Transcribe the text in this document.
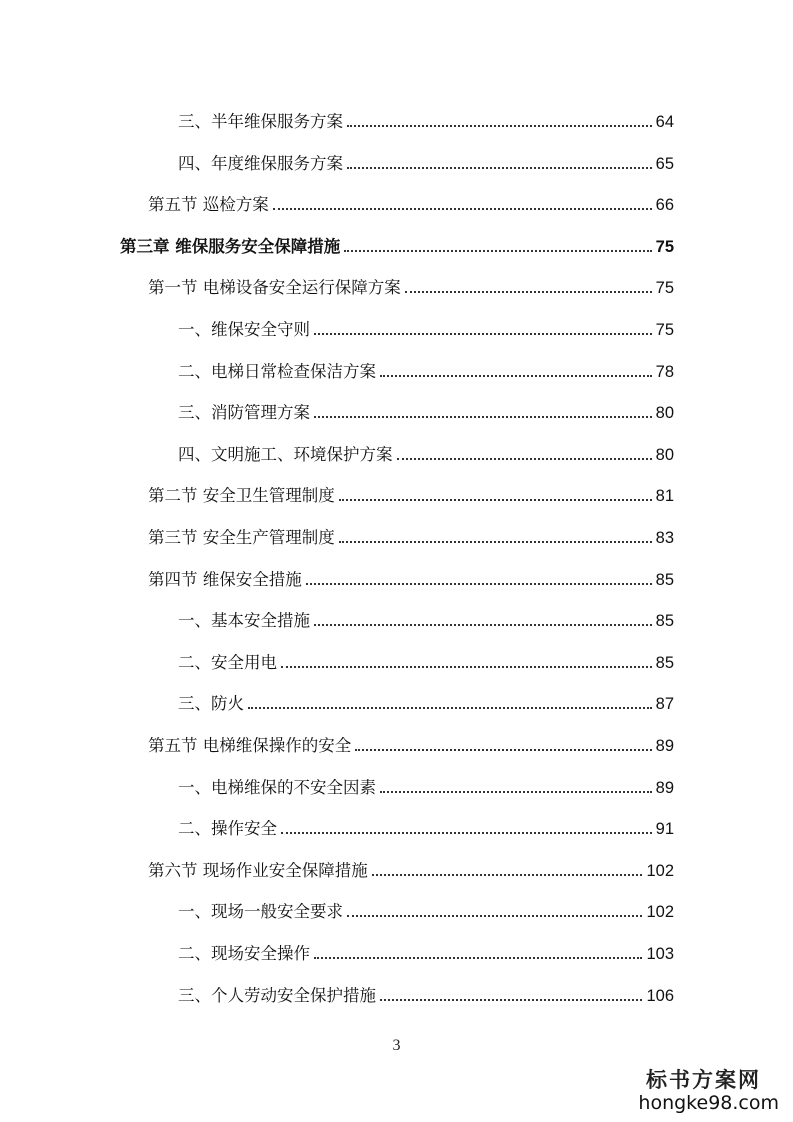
三、半年维保服务方案	64
四、年度维保服务方案	65
第五节 巡检方案	66
第三章 维保服务安全保障措施	75
第一节 电梯设备安全运行保障方案	75
一、维保安全守则	75
二、电梯日常检查保洁方案	78
三、消防管理方案	80
四、文明施工、环境保护方案	80
第二节 安全卫生管理制度	81
第三节 安全生产管理制度	83
第四节 维保安全措施	85
一、基本安全措施	85
二、安全用电	85
三、防火	87
第五节 电梯维保操作的安全	89
一、电梯维保的不安全因素	89
二、操作安全	91
第六节 现场作业安全保障措施	102
一、现场一般安全要求	102
二、现场安全操作	103
三、个人劳动安全保护措施	106
3
标书方案网
hongke98.com
